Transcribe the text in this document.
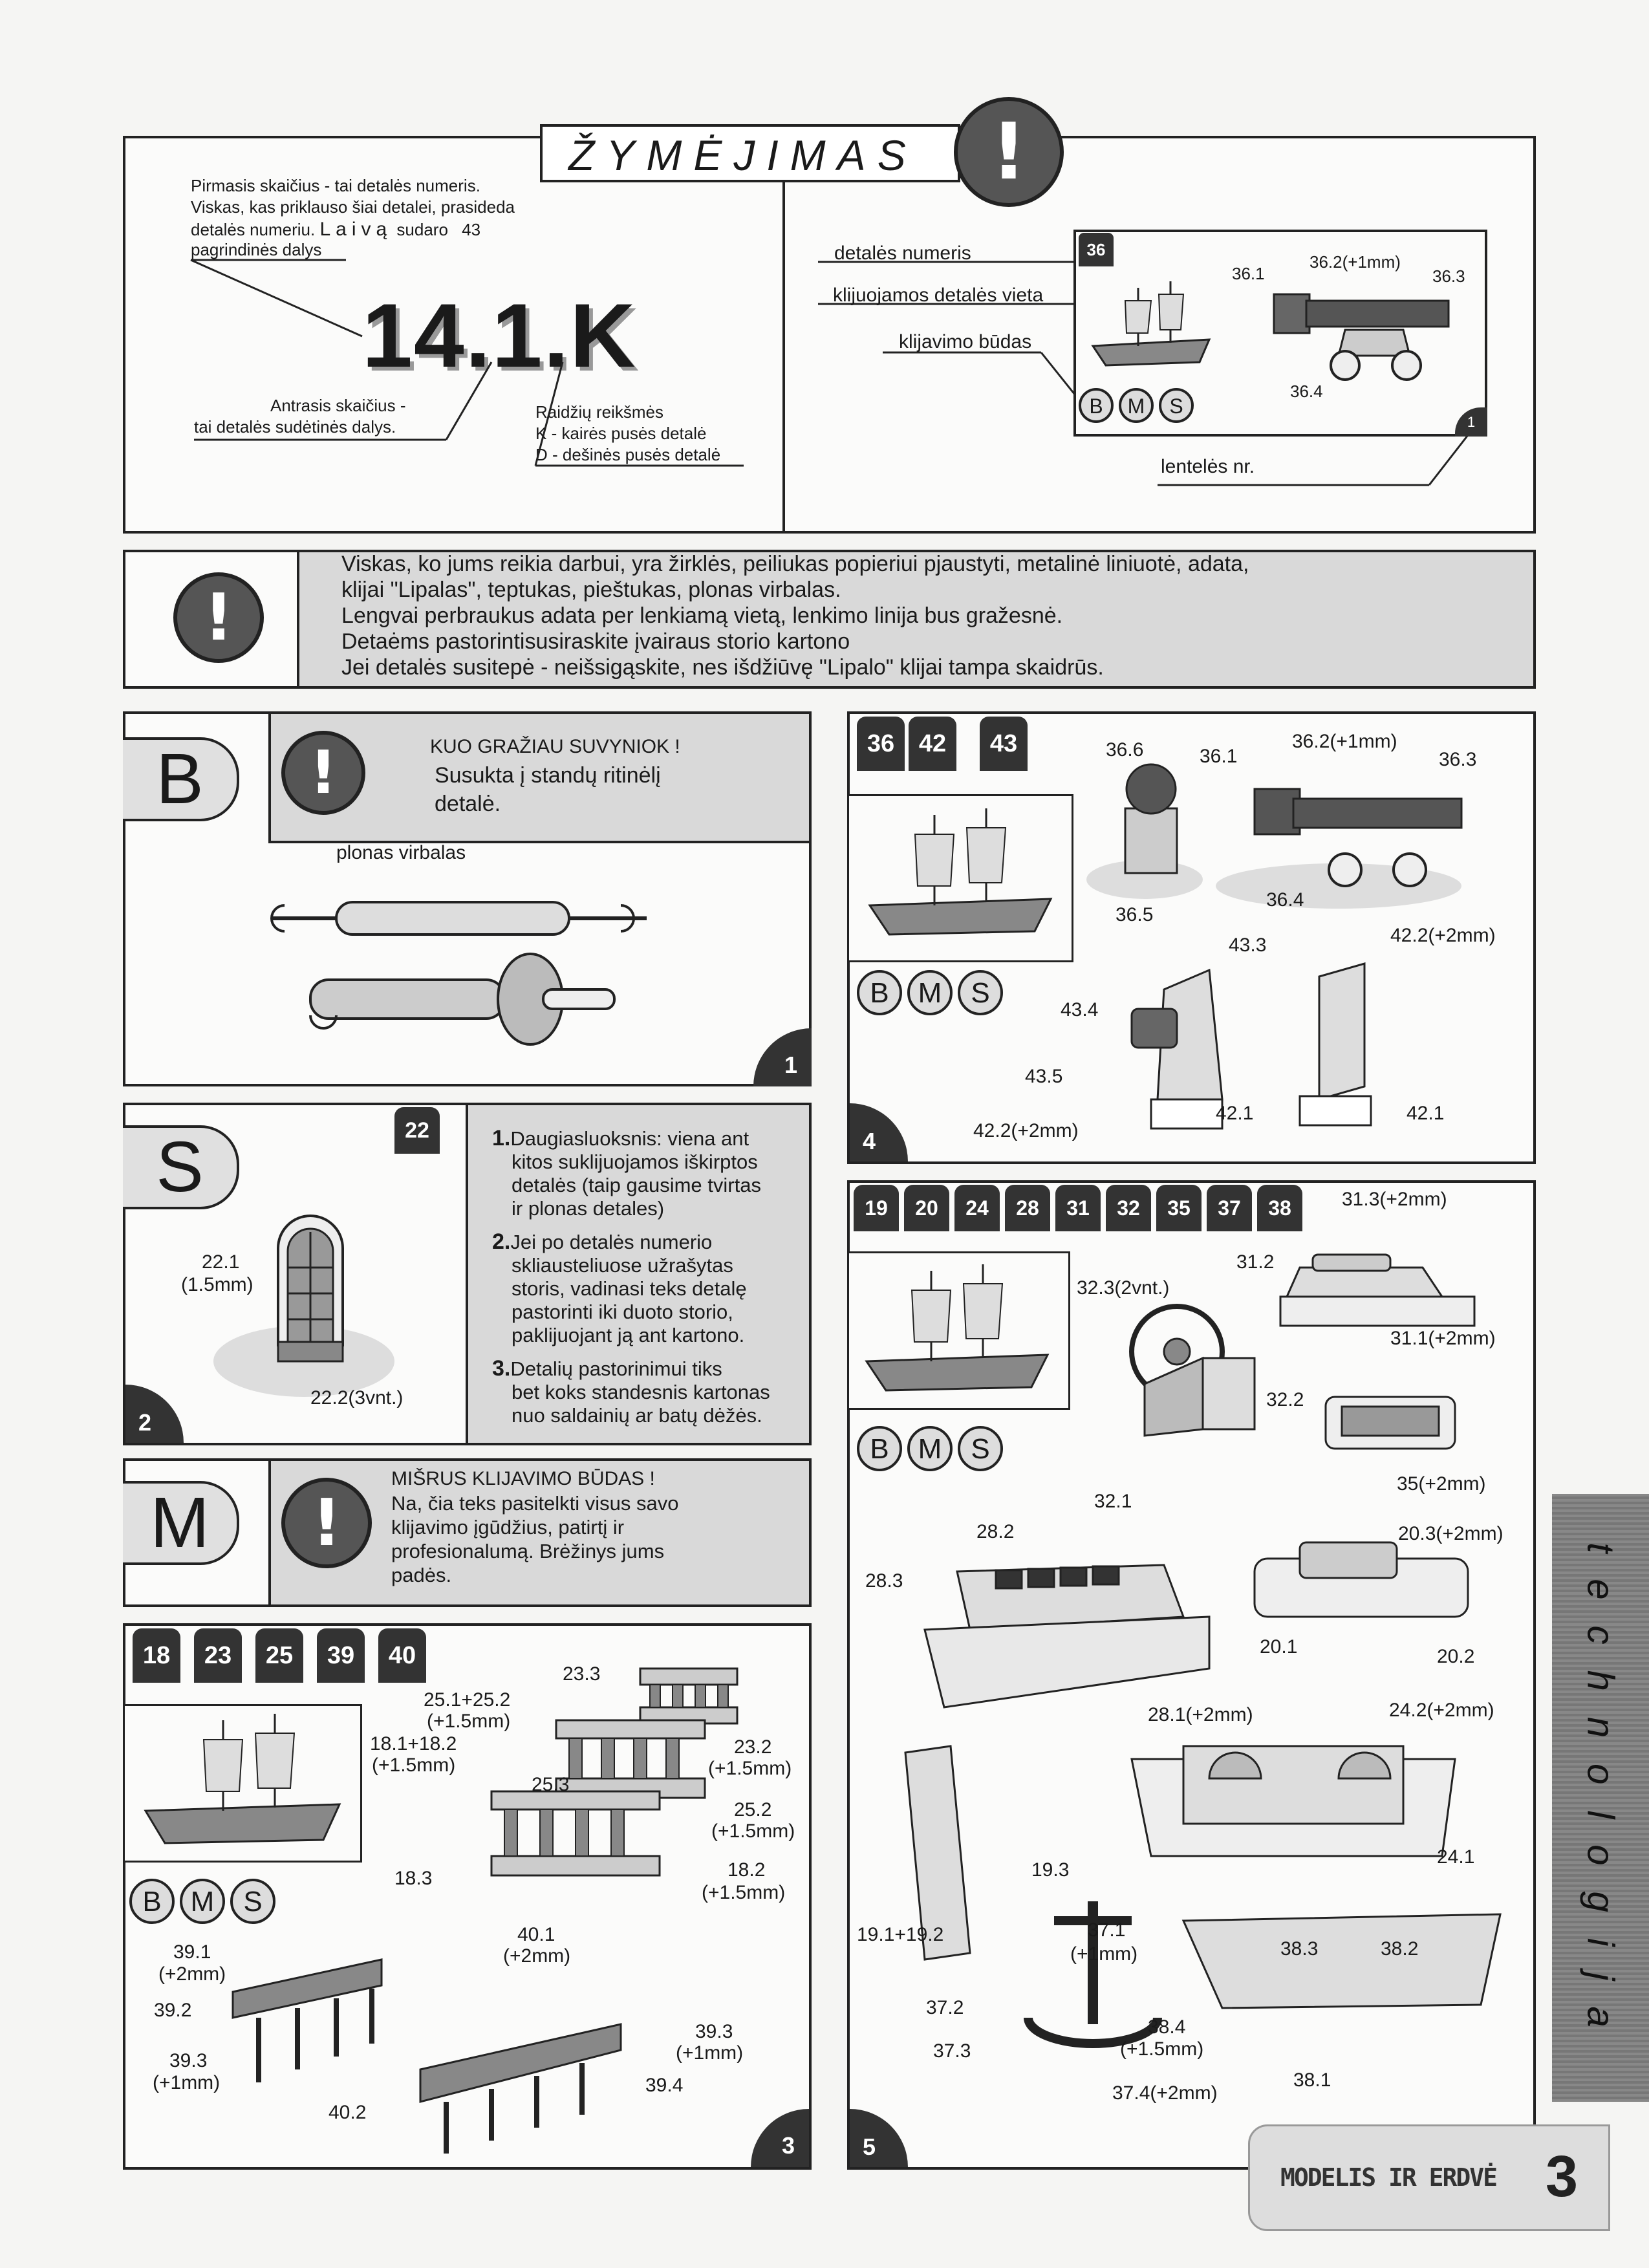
ŽYMĖJIMAS
!
Pirmasis skaičius - tai detalės numeris.
Viskas, kas priklauso šiai detalei, prasideda
detalės numeriu. Laivą sudaro 43
pagrindinės dalys
14.1.K
Antrasis skaičius -
tai detalės sudėtinės dalys.
Raidžių reikšmės
K - kairės pusės detalė
D - dešinės pusės detalė
detalės numeris
klijuojamos detalės vieta
klijavimo būdas
lentelės nr.
36
B	M	S
36.1
36.2(+1mm)
36.3
36.4
1
!
Viskas, ko jums reikia darbui, yra žirklės, peiliukas popieriui pjaustyti, metalinė liniuotė, adata,
klijai "Lipalas", teptukas, pieštukas, plonas virbalas.
Lengvai perbraukus adata per lenkiamą vietą, lenkimo linija bus gražesnė.
Detaėms pastorintisusiraskite įvairaus storio kartono
Jei detalės susitepė - neišsigąskite, nes išdžiūvę "Lipalo" klijai tampa skaidrūs.
B
!	KUO GRAŽIAU SUVYNIOK !
Susukta į standų ritinėlį
detalė.
plonas virbalas
1
36 42	43
B	M	S
36.6	36.1
36.2(+1mm)
36.3
36.5
36.4
43.3	42.2(+2mm)
43.4
43.5
42.1	42.1
42.2(+2mm)
4
S	22
22.1
(1.5mm)
22.2(3vnt.)
1.Daugiasluoksnis: viena ant
kitos suklijuojamos iškirptos
detalės (taip gausime tvirtas
ir plonas detales)
2.Jei po detalės numerio
skliausteliuose užrašytas
storis, vadinasi teks detalę
pastorinti iki duoto storio,
paklijuojant ją ant kartono.
3.Detalių pastorinimui tiks
bet koks standesnis kartonas
nuo saldainių ar batų dėžės.
2
M
!
MIŠRUS KLIJAVIMO BŪDAS !
Na, čia teks pasitelkti visus savo
klijavimo įgūdžius, patirtį ir
profesionalumą. Brėžinys jums
padės.
18	23	25	39	40
B	M	S
23.3
25.1+25.2
(+1.5mm)
18.1+18.2
(+1.5mm)
25.3
23.2
(+1.5mm)
25.2
(+1.5mm)
18.3	18.2
(+1.5mm)
40.1
(+2mm)
39.1
(+2mm)
39.2
39.3
(+1mm)
39.3
(+1mm)
39.4
40.2
3
19	20	24	28	31	32	35	37	38
B	M	S
31.3(+2mm)
31.2
31.1(+2mm)
32.3(2vnt.)
32.2
35(+2mm)
32.1
28.2	20.3(+2mm)
28.3
20.1	20.2
28.1(+2mm)	24.2(+2mm)
24.1
19.3
19.1+19.2	37.1
(+1mm)	38.3	38.2
37.2
38.4
(+1.5mm)
37.3
37.4(+2mm)
38.1
5
technologija
MODELIS IR ERDVĖ 3
